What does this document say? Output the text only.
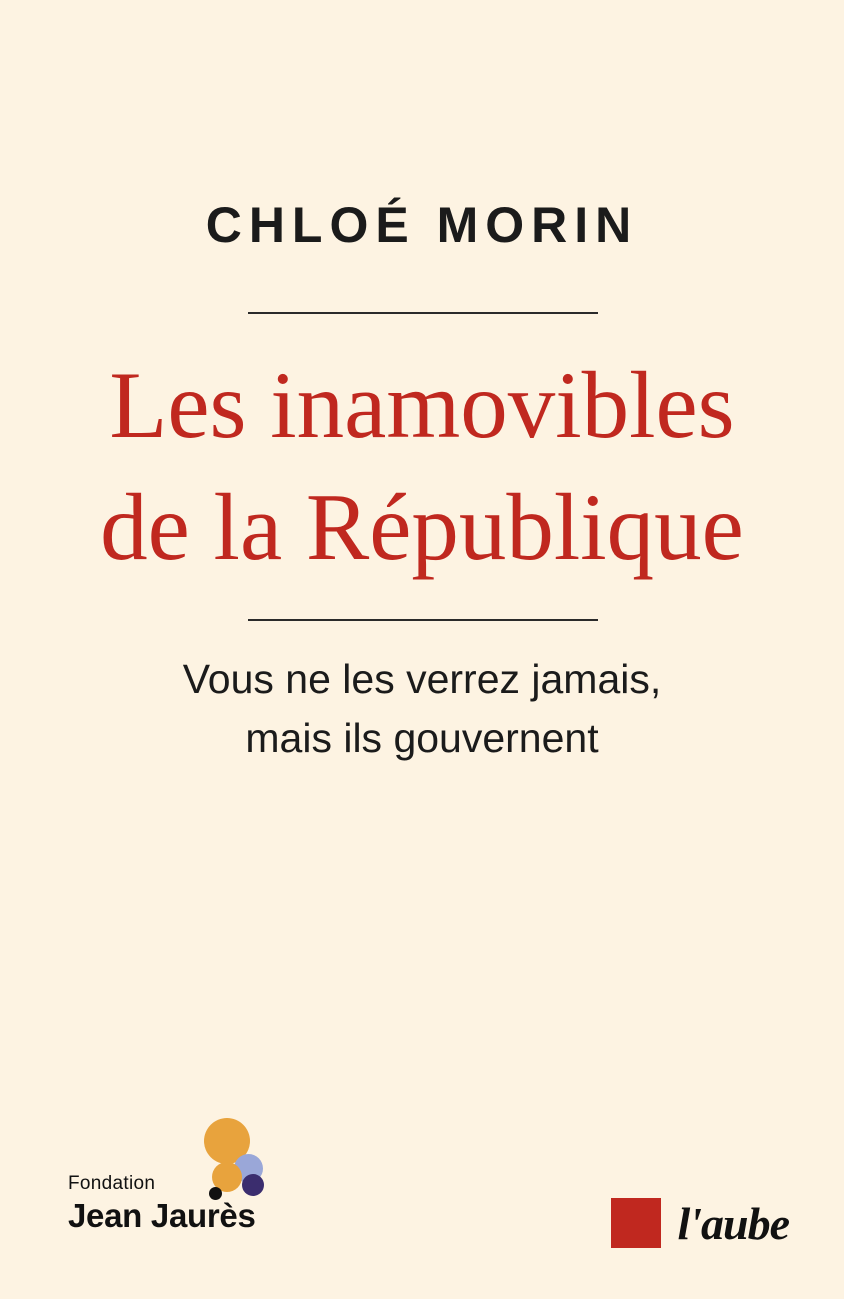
CHLOÉ MORIN
Les inamovibles
de la République
Vous ne les verrez jamais,
mais ils gouvernent
Fondation
Jean Jaurès	l'aube
